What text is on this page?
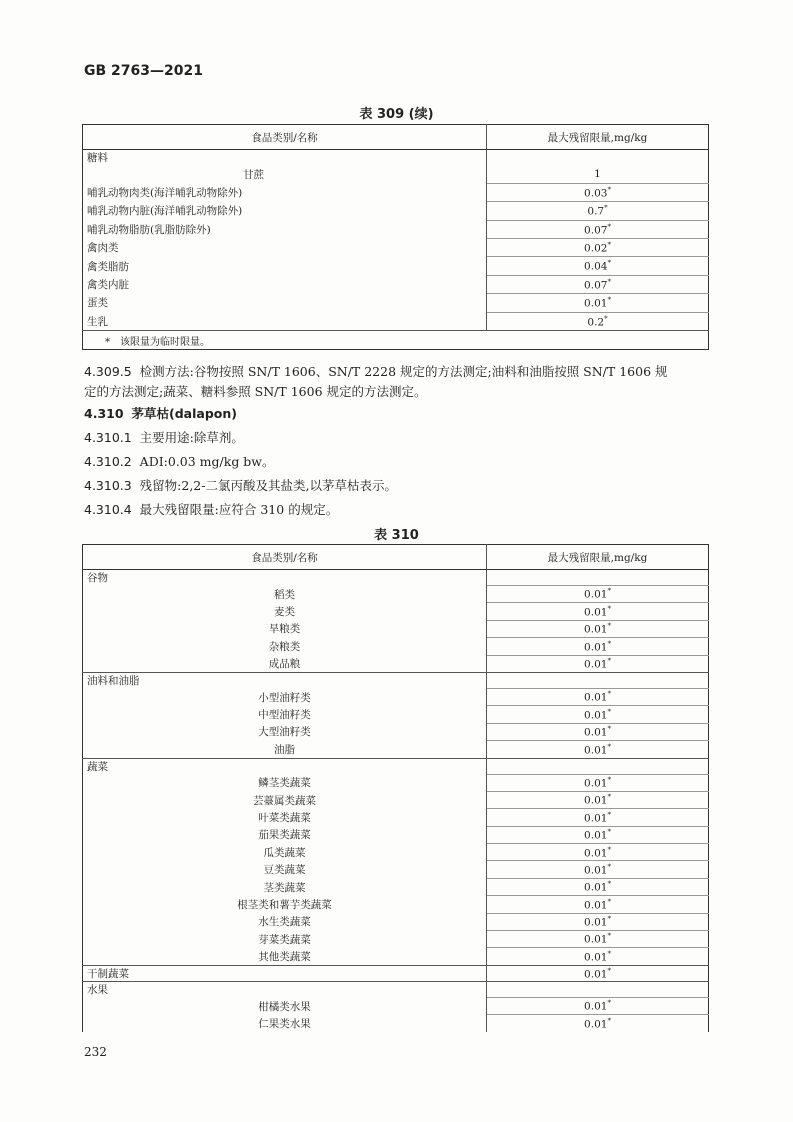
GB 2763—2021
表 309 (续)
食品类别/名称	最大残留限量,mg/kg
糖料	
甘蔗	1
哺乳动物肉类(海洋哺乳动物除外)	0.03*
哺乳动物内脏(海洋哺乳动物除外)	0.7*
哺乳动物脂肪(乳脂肪除外)	0.07*
禽肉类	0.02*
禽类脂肪	0.04*
禽类内脏	0.07*
蛋类	0.01*
生乳	0.2*
* 该限量为临时限量。	
4.309.5 检测方法:谷物按照 SN/T 1606、SN/T 2228 规定的方法测定;油料和油脂按照 SN/T 1606 规
定的方法测定;蔬菜、糖料参照 SN/T 1606 规定的方法测定。
4.310 茅草枯(dalapon)
4.310.1 主要用途:除草剂。
4.310.2 ADI:0.03 mg/kg bw。
4.310.3 残留物:2,2-二氯丙酸及其盐类,以茅草枯表示。
4.310.4 最大残留限量:应符合 310 的规定。
表 310
食品类别/名称	最大残留限量,mg/kg
谷物	
稻类	0.01*
麦类	0.01*
旱粮类	0.01*
杂粮类	0.01*
成品粮	0.01*
油料和油脂	
小型油籽类	0.01*
中型油籽类	0.01*
大型油籽类	0.01*
油脂	0.01*
蔬菜	
鳞茎类蔬菜	0.01*
芸薹属类蔬菜	0.01*
叶菜类蔬菜	0.01*
茄果类蔬菜	0.01*
瓜类蔬菜	0.01*
豆类蔬菜	0.01*
茎类蔬菜	0.01*
根茎类和薯芋类蔬菜	0.01*
水生类蔬菜	0.01*
芽菜类蔬菜	0.01*
其他类蔬菜	0.01*
干制蔬菜	0.01*
水果	
柑橘类水果	0.01*
仁果类水果	0.01*
232
